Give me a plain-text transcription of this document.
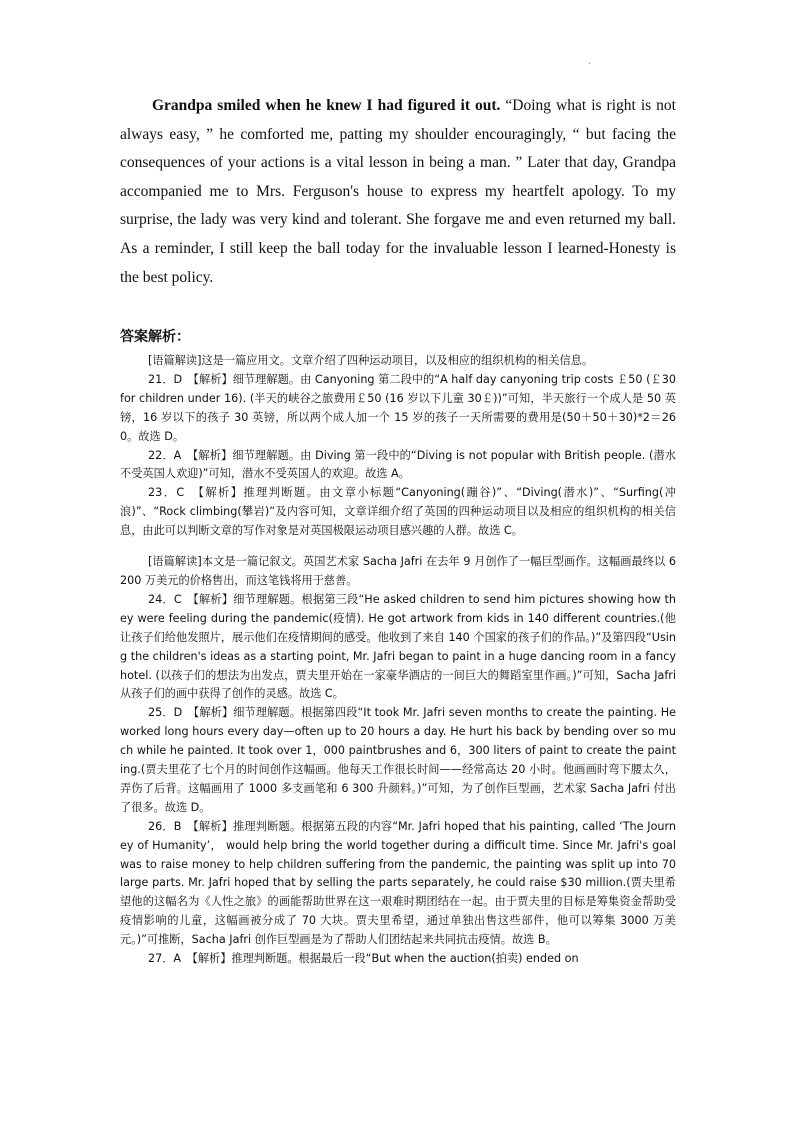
.

Grandpa smiled when he knew I had figured it out. “Doing what is right is not always easy, ” he comforted me, patting my shoulder encouragingly, “ but facing the consequences of your actions is a vital lesson in being a man. ” Later that day, Grandpa accompanied me to Mrs. Ferguson's house to express my heartfelt apology. To my surprise, the lady was very kind and tolerant. She forgave me and even returned my ball. As a reminder, I still keep the ball today for the invaluable lesson I learned-Honesty is the best policy.

答案解析：

[语篇解读]这是一篇应用文。文章介绍了四种运动项目，以及相应的组织机构的相关信息。

21．D　【解析】细节理解题。由 Canyoning 第二段中的“A half day canyoning trip costs ￡50 (￡30 for children under 16). (半天的峡谷之旅费用￡50 (16 岁以下儿童 30￡))”可知，半天旅行一个成人是 50 英镑，16 岁以下的孩子 30 英镑，所以两个成人加一个 15 岁的孩子一天所需要的费用是(50＋50＋30)*2＝260。故选 D。

22．A　【解析】细节理解题。由 Diving 第一段中的“Diving is not popular with British people. (潜水不受英国人欢迎)”可知，潜水不受英国人的欢迎。故选 A。

23．C　【解析】推理判断题。由文章小标题“Canyoning(蹦谷)”、“Diving(潜水)”、“Surfing(冲浪)”、“Rock climbing(攀岩)”及内容可知，文章详细介绍了英国的四种运动项目以及相应的组织机构的相关信息，由此可以判断文章的写作对象是对英国极限运动项目感兴趣的人群。故选 C。

[语篇解读]本文是一篇记叙文。英国艺术家 Sacha Jafri 在去年 9 月创作了一幅巨型画作。这幅画最终以 6200 万美元的价格售出，而这笔钱将用于慈善。

24．C　【解析】细节理解题。根据第三段“He asked children to send him pictures showing how they were feeling during the pandemic(疫情). He got artwork from kids in 140 different countries.(他让孩子们给他发照片，展示他们在疫情期间的感受。他收到了来自 140 个国家的孩子们的作品。)”及第四段“Using the children's ideas as a starting point, Mr. Jafri began to paint in a huge dancing room in a fancy hotel. (以孩子们的想法为出发点，贾夫里开始在一家豪华酒店的一间巨大的舞蹈室里作画。)”可知，Sacha Jafri 从孩子们的画中获得了创作的灵感。故选 C。

25．D　【解析】细节理解题。根据第四段“It took Mr. Jafri seven months to create the painting. He worked long hours every day—often up to 20 hours a day. He hurt his back by bending over so much while he painted. It took over 1，000 paintbrushes and 6，300 liters of paint to create the painting.(贾夫里花了七个月的时间创作这幅画。他每天工作很长时间——经常高达 20 小时。他画画时弯下腰太久，弄伤了后背。这幅画用了 1000 多支画笔和 6 300 升颜料。)”可知，为了创作巨型画，艺术家 Sacha Jafri 付出了很多。故选 D。

26．B　【解析】推理判断题。根据第五段的内容“Mr. Jafri hoped that his painting, called ‘The Journey of Humanity’， would help bring the world together during a difficult time. Since Mr. Jafri's goal was to raise money to help children suffering from the pandemic, the painting was split up into 70 large parts. Mr. Jafri hoped that by selling the parts separately, he could raise $30 million.(贾夫里希望他的这幅名为《人性之旅》的画能帮助世界在这一艰难时期团结在一起。由于贾夫里的目标是筹集资金帮助受疫情影响的儿童，这幅画被分成了 70 大块。贾夫里希望，通过单独出售这些部件，他可以筹集 3000 万美元。)”可推断，Sacha Jafri 创作巨型画是为了帮助人们团结起来共同抗击疫情。故选 B。

27．A　【解析】推理判断题。根据最后一段“But when the auction(拍卖) ended on
